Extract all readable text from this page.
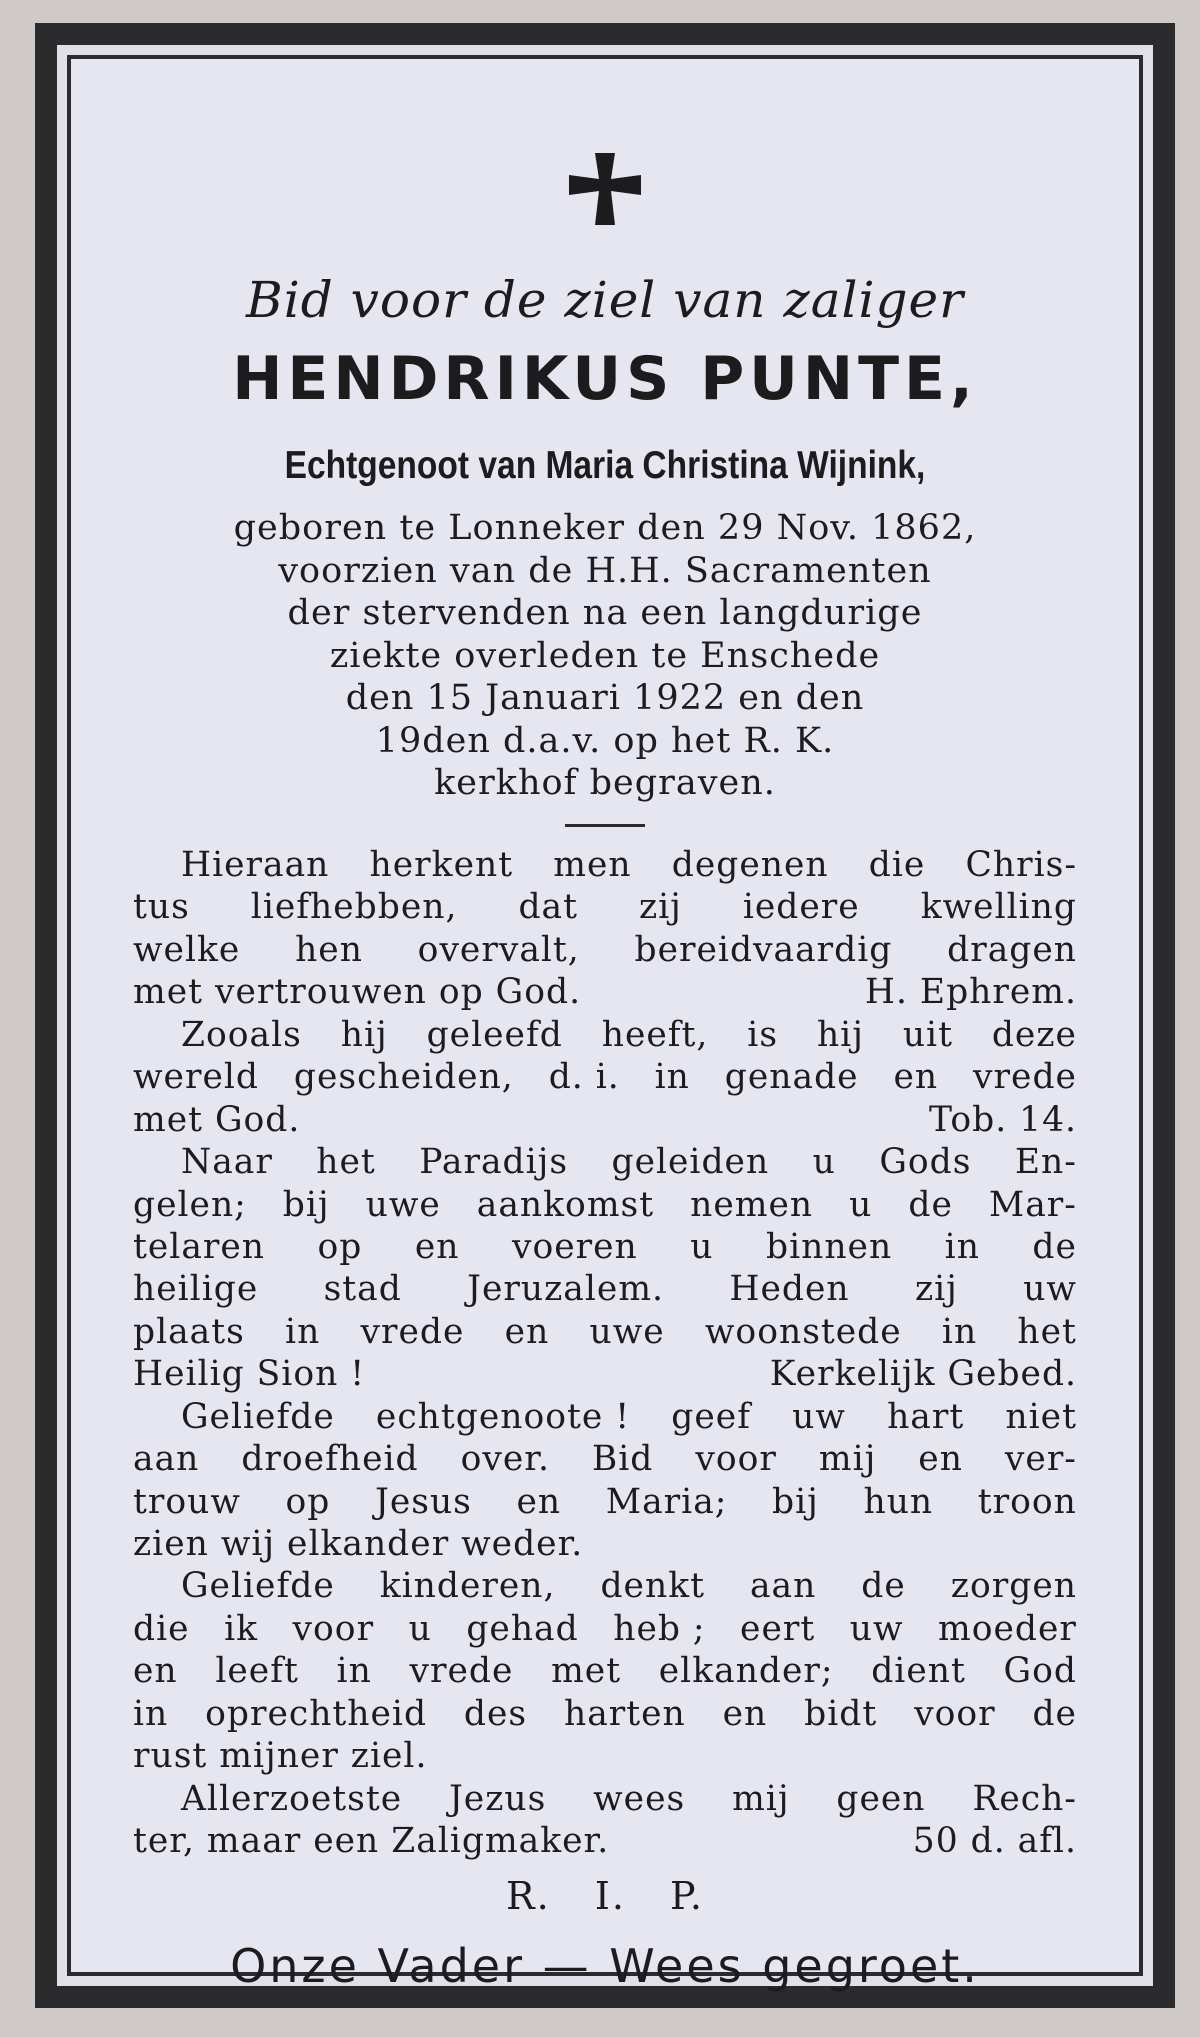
Bid voor de ziel van zaliger
HENDRIKUS PUNTE,
Echtgenoot van Maria Christina Wijnink,
geboren te Lonneker den 29 Nov. 1862,
voorzien van de H.H. Sacramenten
der stervenden na een langdurige
ziekte overleden te Enschede
den 15 Januari 1922 en den
19den d.a.v. op het R. K.
kerkhof begraven.
Hieraan herkent men degenen die Chris-
tus liefhebben, dat zij iedere kwelling
welke hen overvalt, bereidvaardig dragen
met vertrouwen op God.	H. Ephrem.
Zooals hij geleefd heeft, is hij uit deze
wereld gescheiden, d. i. in genade en vrede
met God.	Tob. 14.
Naar het Paradijs geleiden u Gods En-
gelen; bij uwe aankomst nemen u de Mar-
telaren op en voeren u binnen in de
heilige stad Jeruzalem. Heden zij uw
plaats in vrede en uwe woonstede in het
Heilig Sion !	Kerkelijk Gebed.
Geliefde echtgenoote ! geef uw hart niet
aan droefheid over. Bid voor mij en ver-
trouw op Jesus en Maria; bij hun troon
zien wij elkander weder.
Geliefde kinderen, denkt aan de zorgen
die ik voor u gehad heb ; eert uw moeder
en leeft in vrede met elkander; dient God
in oprechtheid des harten en bidt voor de
rust mijner ziel.
Allerzoetste Jezus wees mij geen Rech-
ter, maar een Zaligmaker.	50 d. afl.
R. I. P.
Onze Vader — Wees gegroet.
